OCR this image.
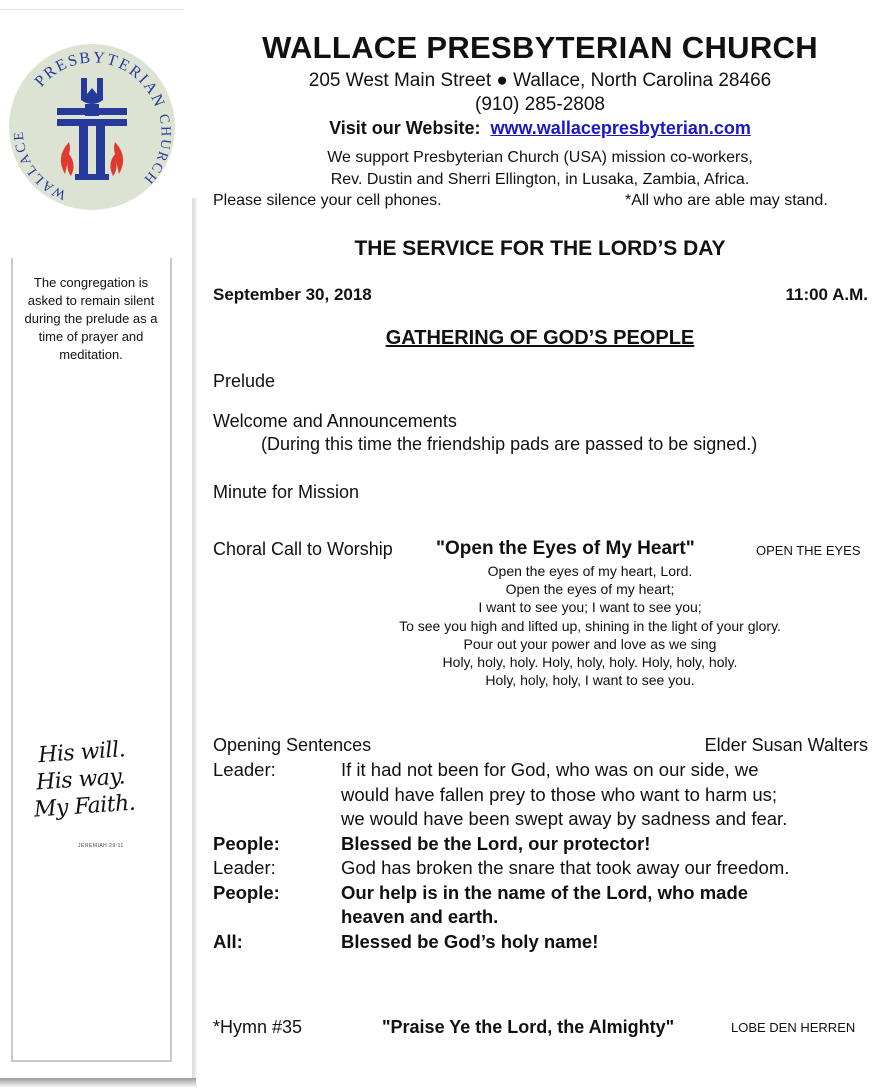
PRESBYTERIAN
WALLACE
CHURCH
The congregation is asked to remain silent during the prelude as a time of prayer and meditation.
His will.
His way.
My Faith.
JEREMIAH 29:11
WALLACE PRESBYTERIAN CHURCH
205 West Main Street ● Wallace, North Carolina 28466
(910) 285-2808
Visit our Website: www.wallacepresbyterian.com
We support Presbyterian Church (USA) mission co-workers,
Rev. Dustin and Sherri Ellington, in Lusaka, Zambia, Africa.
Please silence your cell phones.	*All who are able may stand.
THE SERVICE FOR THE LORD’S DAY
September 30, 2018	11:00 A.M.
GATHERING OF GOD’S PEOPLE
Prelude
Welcome and Announcements
(During this time the friendship pads are passed to be signed.)
Minute for Mission
Choral Call to Worship "Open the Eyes of My Heart"	OPEN THE EYES
Open the eyes of my heart, Lord.
Open the eyes of my heart;
I want to see you; I want to see you;
To see you high and lifted up, shining in the light of your glory.
Pour out your power and love as we sing
Holy, holy, holy. Holy, holy, holy. Holy, holy, holy.
Holy, holy, holy, I want to see you.
Opening Sentences	Elder Susan Walters
Leader:	If it had not been for God, who was on our side, we
would have fallen prey to those who want to harm us;
we would have been swept away by sadness and fear.
People:	Blessed be the Lord, our protector!
Leader:	God has broken the snare that took away our freedom.
People:	Our help is in the name of the Lord, who made
heaven and earth.
All:	Blessed be God’s holy name!
*Hymn #35	"Praise Ye the Lord, the Almighty"	LOBE DEN HERREN
